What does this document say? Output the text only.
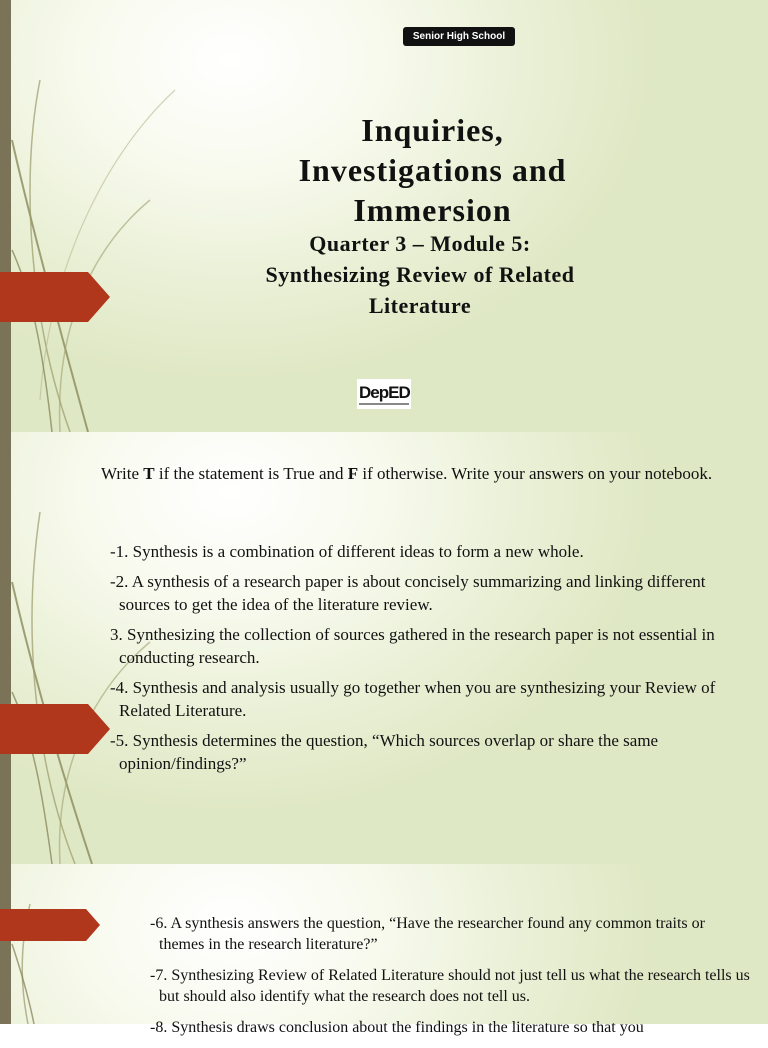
Senior High School
Inquiries,
Investigations and
Immersion
Quarter 3 – Module 5:
Synthesizing Review of Related
Literature
DepED
Write T if the statement is True and F if otherwise. Write your answers on your notebook.
-1. Synthesis is a combination of different ideas to form a new whole.
-2. A synthesis of a research paper is about concisely summarizing and linking different sources to get the idea of the literature review.
3. Synthesizing the collection of sources gathered in the research paper is not essential in conducting research.
-4. Synthesis and analysis usually go together when you are synthesizing your Review of Related Literature.
-5. Synthesis determines the question, “Which sources overlap or share the same opinion/findings?”
-6. A synthesis answers the question, “Have the researcher found any common traits or themes in the research literature?”
-7. Synthesizing Review of Related Literature should not just tell us what the research tells us but should also identify what the research does not tell us.
-8. Synthesis draws conclusion about the findings in the literature so that you
